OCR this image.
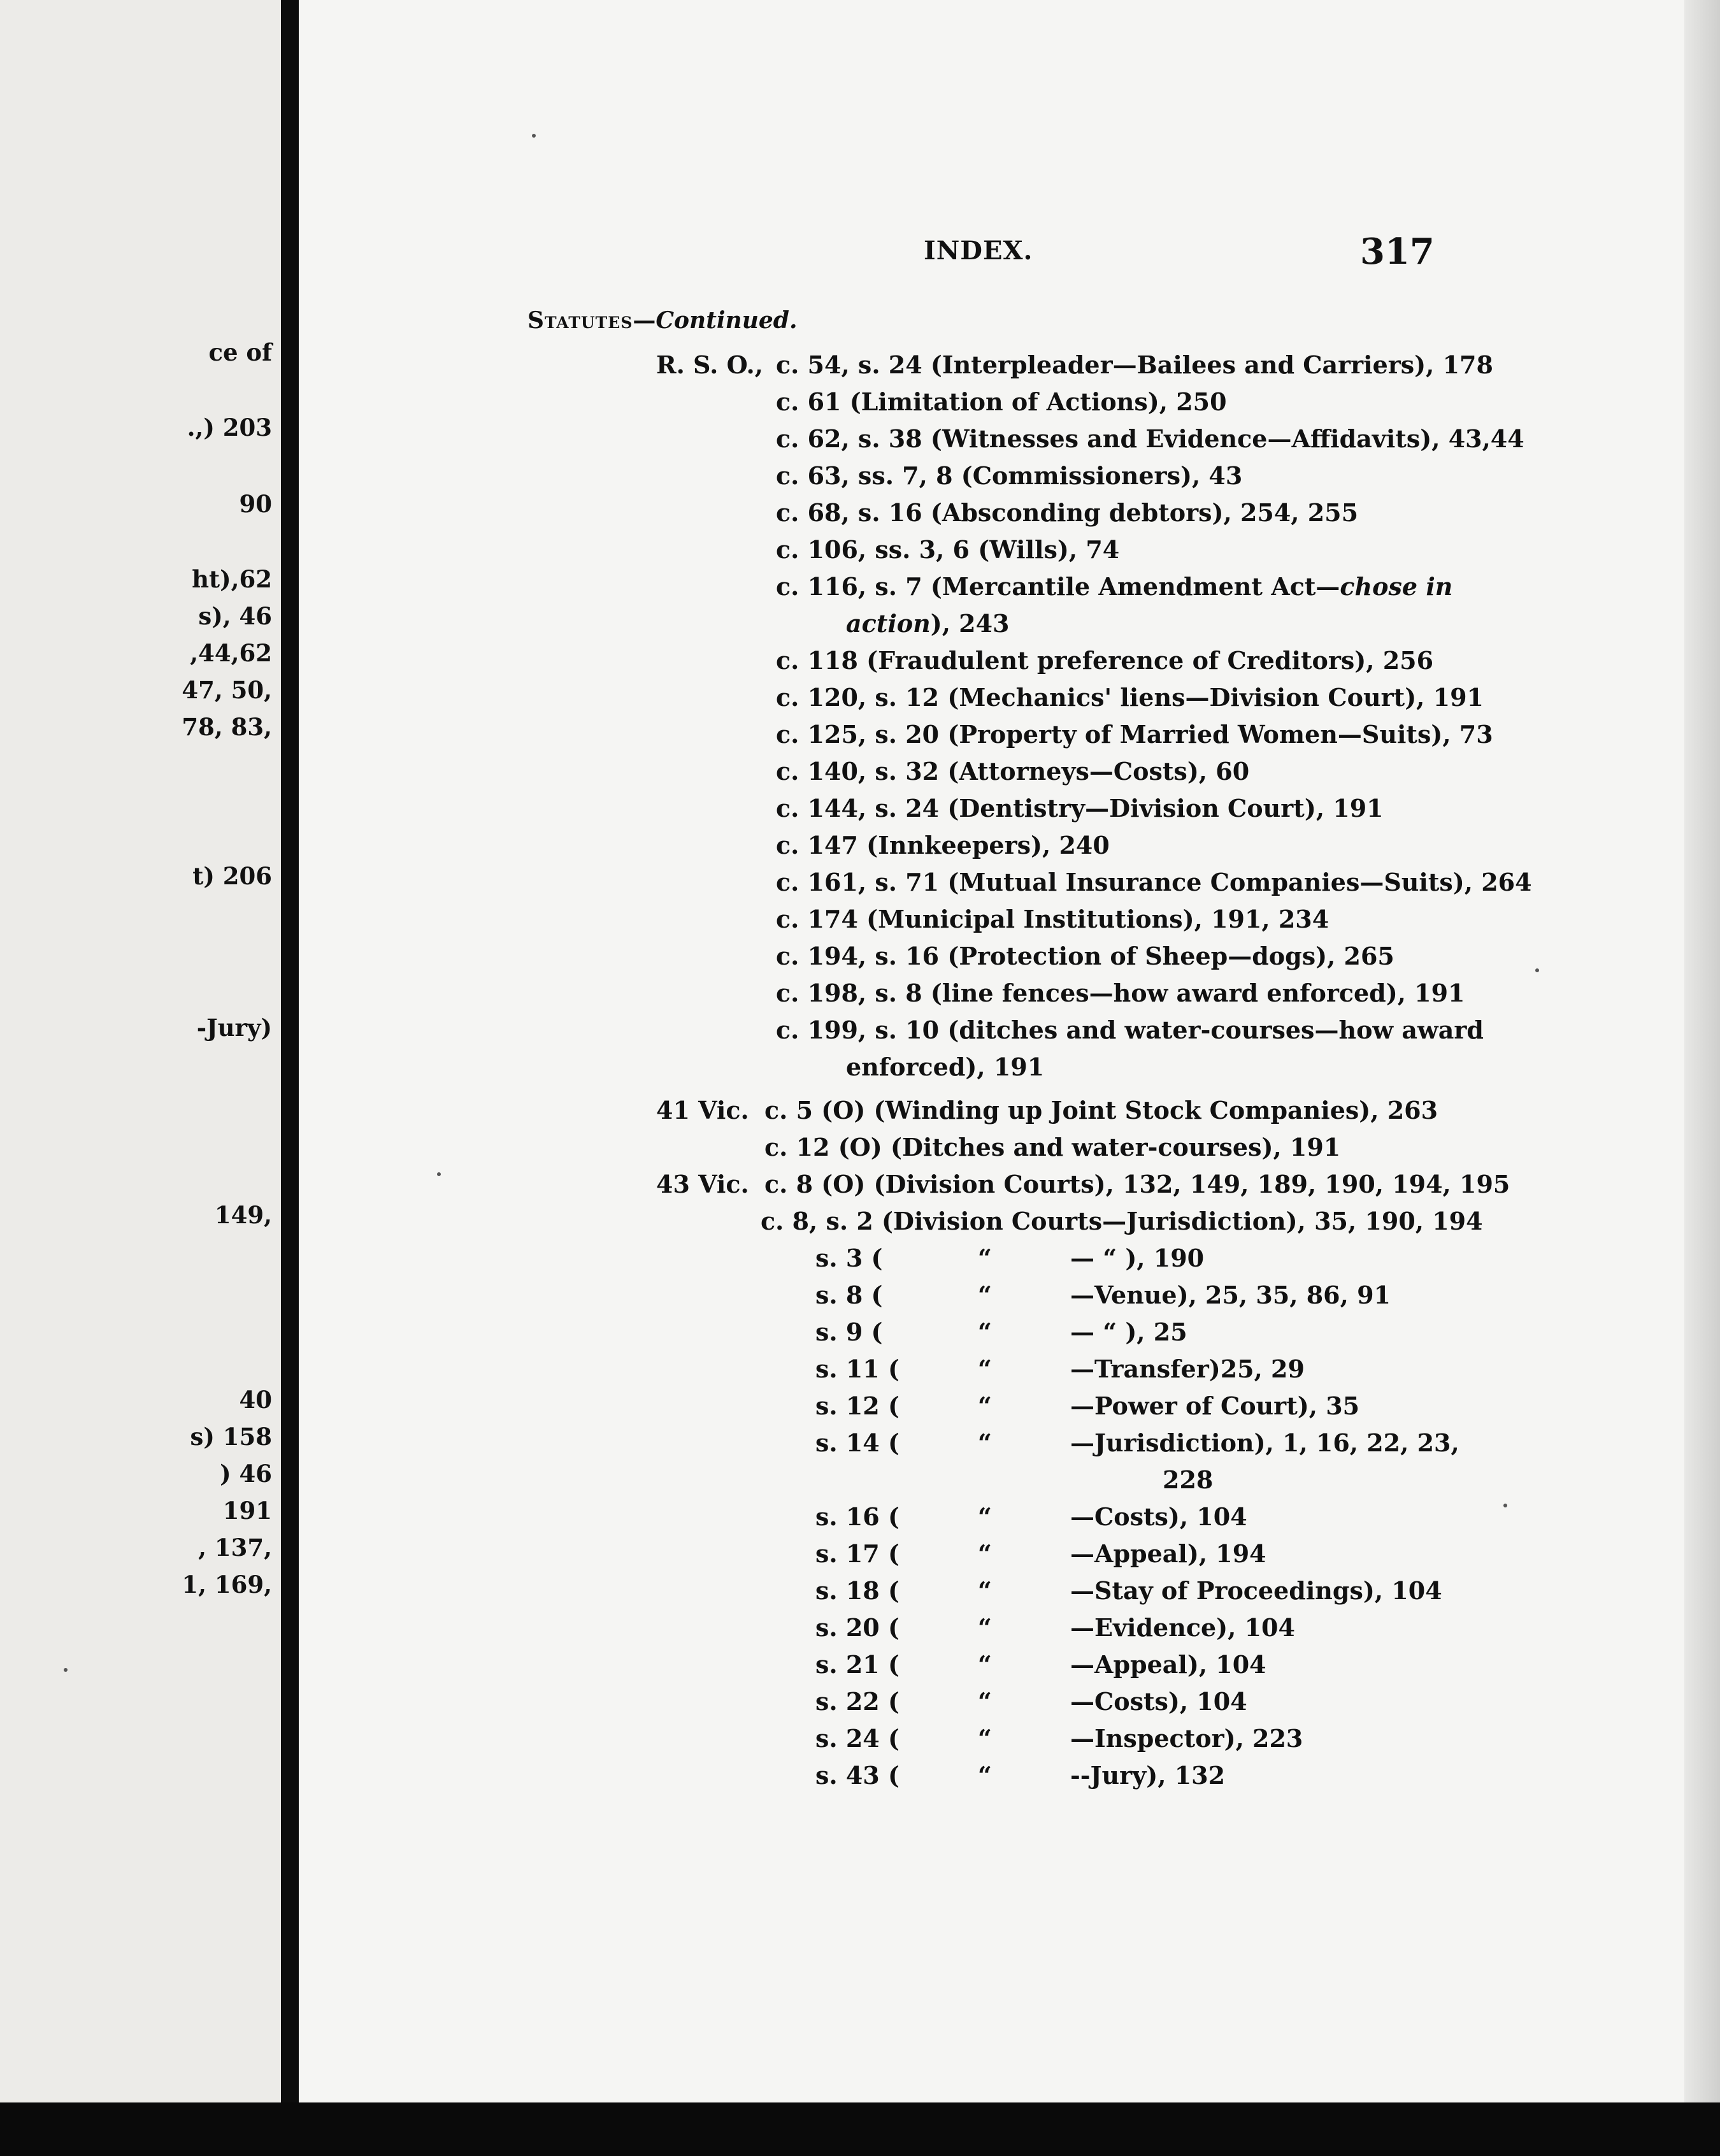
ce of
.,) 203
90
ht),62
s), 46
,44,62
47, 50,
78, 83,
t) 206
-Jury)
149,
40
s) 158
) 46
191
, 137,
1, 169,
INDEX.	317
Statutes—Continued.
R. S. O., c. 54, s. 24 (Interpleader—Bailees and Carriers), 178
c. 61 (Limitation of Actions), 250
c. 62, s. 38 (Witnesses and Evidence—Affidavits), 43,44
c. 63, ss. 7, 8 (Commissioners), 43
c. 68, s. 16 (Absconding debtors), 254, 255
c. 106, ss. 3, 6 (Wills), 74
c. 116, s. 7 (Mercantile Amendment Act—chose in
action), 243
c. 118 (Fraudulent preference of Creditors), 256
c. 120, s. 12 (Mechanics' liens—Division Court), 191
c. 125, s. 20 (Property of Married Women—Suits), 73
c. 140, s. 32 (Attorneys—Costs), 60
c. 144, s. 24 (Dentistry—Division Court), 191
c. 147 (Innkeepers), 240
c. 161, s. 71 (Mutual Insurance Companies—Suits), 264
c. 174 (Municipal Institutions), 191, 234
c. 194, s. 16 (Protection of Sheep—dogs), 265
c. 198, s. 8 (line fences—how award enforced), 191
c. 199, s. 10 (ditches and water-courses—how award
enforced), 191
41 Vic. c. 5 (O) (Winding up Joint Stock Companies), 263
c. 12 (O) (Ditches and water-courses), 191
43 Vic. c. 8 (O) (Division Courts), 132, 149, 189, 190, 194, 195
c. 8, s. 2 (Division Courts—Jurisdiction), 35, 190, 194
s. 3 (	“	— “ ), 190
s. 8 (	“	—Venue), 25, 35, 86, 91
s. 9 (	“	— “ ), 25
s. 11 (	“	—Transfer)25, 29
s. 12 (	“	—Power of Court), 35
s. 14 (	“	—Jurisdiction), 1, 16, 22, 23,
228
s. 16 (	“	—Costs), 104
s. 17 (	“	—Appeal), 194
s. 18 (	“	—Stay of Proceedings), 104
s. 20 (	“	—Evidence), 104
s. 21 (	“	—Appeal), 104
s. 22 (	“	—Costs), 104
s. 24 (	“	—Inspector), 223
s. 43 (	“	--Jury), 132
